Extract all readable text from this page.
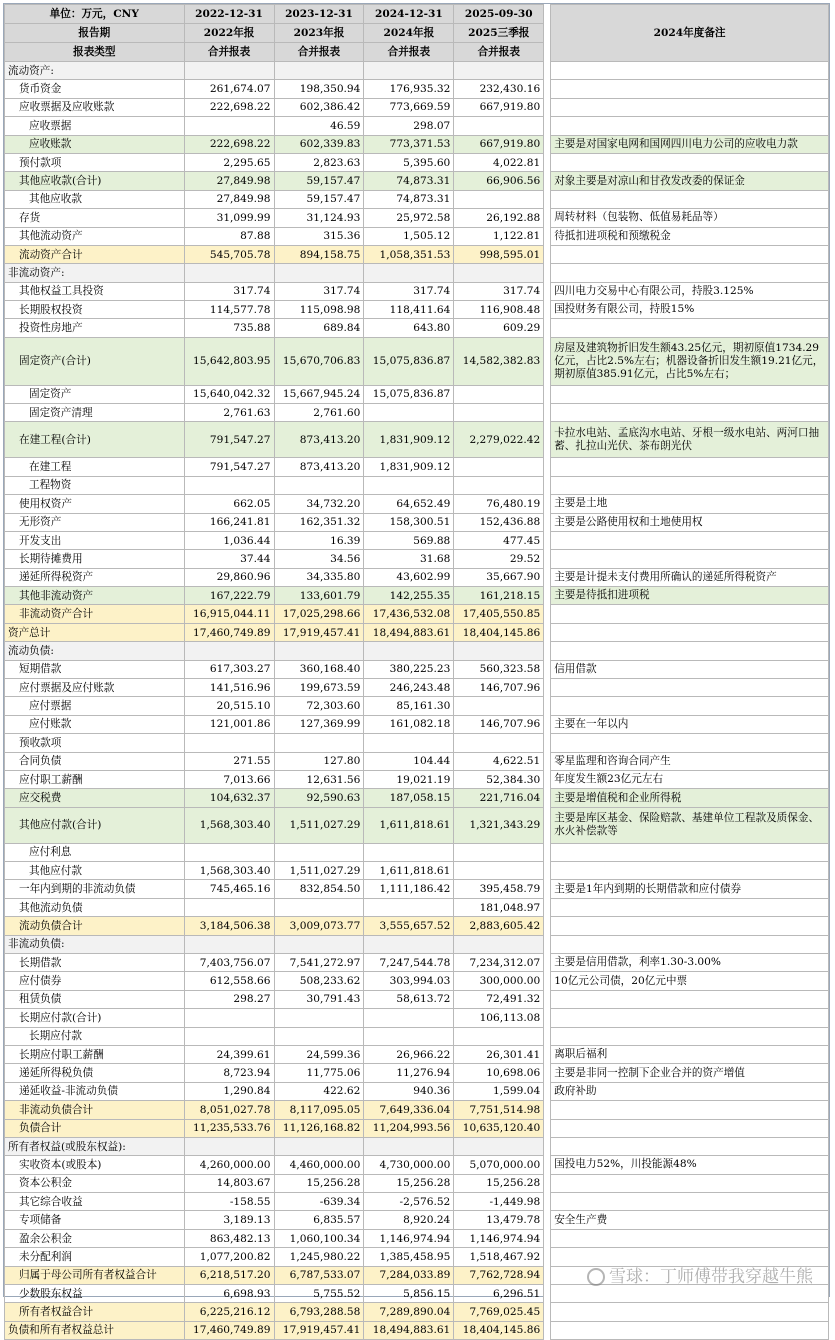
单位：万元，CNY	2022-12-31	2023-12-31	2024-12-31	2025-09-30		2024年度备注
报告期	2022年报	2023年报	2024年报	2025三季报		
报表类型	合并报表	合并报表	合并报表	合并报表		
流动资产:						
货币资金	261,674.07	198,350.94	176,935.32	232,430.16		
应收票据及应收账款	222,698.22	602,386.42	773,669.59	667,919.80		
应收票据		46.59	298.07			
应收账款	222,698.22	602,339.83	773,371.53	667,919.80		主要是对国家电网和国网四川电力公司的应收电力款
预付款项	2,295.65	2,823.63	5,395.60	4,022.81		
其他应收款(合计)	27,849.98	59,157.47	74,873.31	66,906.56		对象主要是对凉山和甘孜发改委的保证金
其他应收款	27,849.98	59,157.47	74,873.31			
存货	31,099.99	31,124.93	25,972.58	26,192.88		周转材料（包装物、低值易耗品等）
其他流动资产	87.88	315.36	1,505.12	1,122.81		待抵扣进项税和预缴税金
流动资产合计	545,705.78	894,158.75	1,058,351.53	998,595.01		
非流动资产:						
其他权益工具投资	317.74	317.74	317.74	317.74		四川电力交易中心有限公司，持股3.125%
长期股权投资	114,577.78	115,098.98	118,411.64	116,908.48		国投财务有限公司，持股15%
投资性房地产	735.88	689.84	643.80	609.29		
固定资产(合计)	15,642,803.95	15,670,706.83	15,075,836.87	14,582,382.83		房屋及建筑物折旧发生额43.25亿元，期初原值1734.29亿元，占比2.5%左右；机器设备折旧发生额19.21亿元，期初原值385.91亿元，占比5%左右；
固定资产	15,640,042.32	15,667,945.24	15,075,836.87			
固定资产清理	2,761.63	2,761.60				
在建工程(合计)	791,547.27	873,413.20	1,831,909.12	2,279,022.42		卡拉水电站、孟底沟水电站、牙根一级水电站、两河口抽蓄、扎拉山光伏、茶布朗光伏
在建工程	791,547.27	873,413.20	1,831,909.12			
工程物资						
使用权资产	662.05	34,732.20	64,652.49	76,480.19		主要是土地
无形资产	166,241.81	162,351.32	158,300.51	152,436.88		主要是公路使用权和土地使用权
开发支出	1,036.44	16.39	569.88	477.45		
长期待摊费用	37.44	34.56	31.68	29.52		
递延所得税资产	29,860.96	34,335.80	43,602.99	35,667.90		主要是计提未支付费用所确认的递延所得税资产
其他非流动资产	167,222.79	133,601.79	142,255.35	161,218.15		主要是待抵扣进项税
非流动资产合计	16,915,044.11	17,025,298.66	17,436,532.08	17,405,550.85		
资产总计	17,460,749.89	17,919,457.41	18,494,883.61	18,404,145.86		
流动负债:						
短期借款	617,303.27	360,168.40	380,225.23	560,323.58		信用借款
应付票据及应付账款	141,516.96	199,673.59	246,243.48	146,707.96		
应付票据	20,515.10	72,303.60	85,161.30			
应付账款	121,001.86	127,369.99	161,082.18	146,707.96		主要在一年以内
预收款项						
合同负债	271.55	127.80	104.44	4,622.51		零星监理和咨询合同产生
应付职工薪酬	7,013.66	12,631.56	19,021.19	52,384.30		年度发生额23亿元左右
应交税费	104,632.37	92,590.63	187,058.15	221,716.04		主要是增值税和企业所得税
其他应付款(合计)	1,568,303.40	1,511,027.29	1,611,818.61	1,321,343.29		主要是库区基金、保险赔款、基建单位工程款及质保金、水火补偿款等
应付利息						
其他应付款	1,568,303.40	1,511,027.29	1,611,818.61			
一年内到期的非流动负债	745,465.16	832,854.50	1,111,186.42	395,458.79		主要是1年内到期的长期借款和应付债券
其他流动负债				181,048.97		
流动负债合计	3,184,506.38	3,009,073.77	3,555,657.52	2,883,605.42		
非流动负债:						
长期借款	7,403,756.07	7,541,272.97	7,247,544.78	7,234,312.07		主要是信用借款，利率1.30-3.00%
应付债券	612,558.66	508,233.62	303,994.03	300,000.00		10亿元公司债，20亿元中票
租赁负债	298.27	30,791.43	58,613.72	72,491.32		
长期应付款(合计)				106,113.08		
长期应付款						
长期应付职工薪酬	24,399.61	24,599.36	26,966.22	26,301.41		离职后福利
递延所得税负债	8,723.94	11,775.06	11,276.94	10,698.06		主要是非同一控制下企业合并的资产增值
递延收益-非流动负债	1,290.84	422.62	940.36	1,599.04		政府补助
非流动负债合计	8,051,027.78	8,117,095.05	7,649,336.04	7,751,514.98		
负债合计	11,235,533.76	11,126,168.82	11,204,993.56	10,635,120.40		
所有者权益(或股东权益):						
实收资本(或股本)	4,260,000.00	4,460,000.00	4,730,000.00	5,070,000.00		国投电力52%，川投能源48%
资本公积金	14,803.67	15,256.28	15,256.28	15,256.28		
其它综合收益	-158.55	-639.34	-2,576.52	-1,449.98		
专项储备	3,189.13	6,835.57	8,920.24	13,479.78		安全生产费
盈余公积金	863,482.13	1,060,100.34	1,146,974.94	1,146,974.94		
未分配利润	1,077,200.82	1,245,980.22	1,385,458.95	1,518,467.92		
归属于母公司所有者权益合计	6,218,517.20	6,787,533.07	7,284,033.89	7,762,728.94		
少数股东权益	6,698.93	5,755.52	5,856.15	6,296.51		
所有者权益合计	6,225,216.12	6,793,288.58	7,289,890.04	7,769,025.45		
负债和所有者权益总计	17,460,749.89	17,919,457.41	18,494,883.61	18,404,145.86		
雪球：丁师傅带我穿越牛熊
